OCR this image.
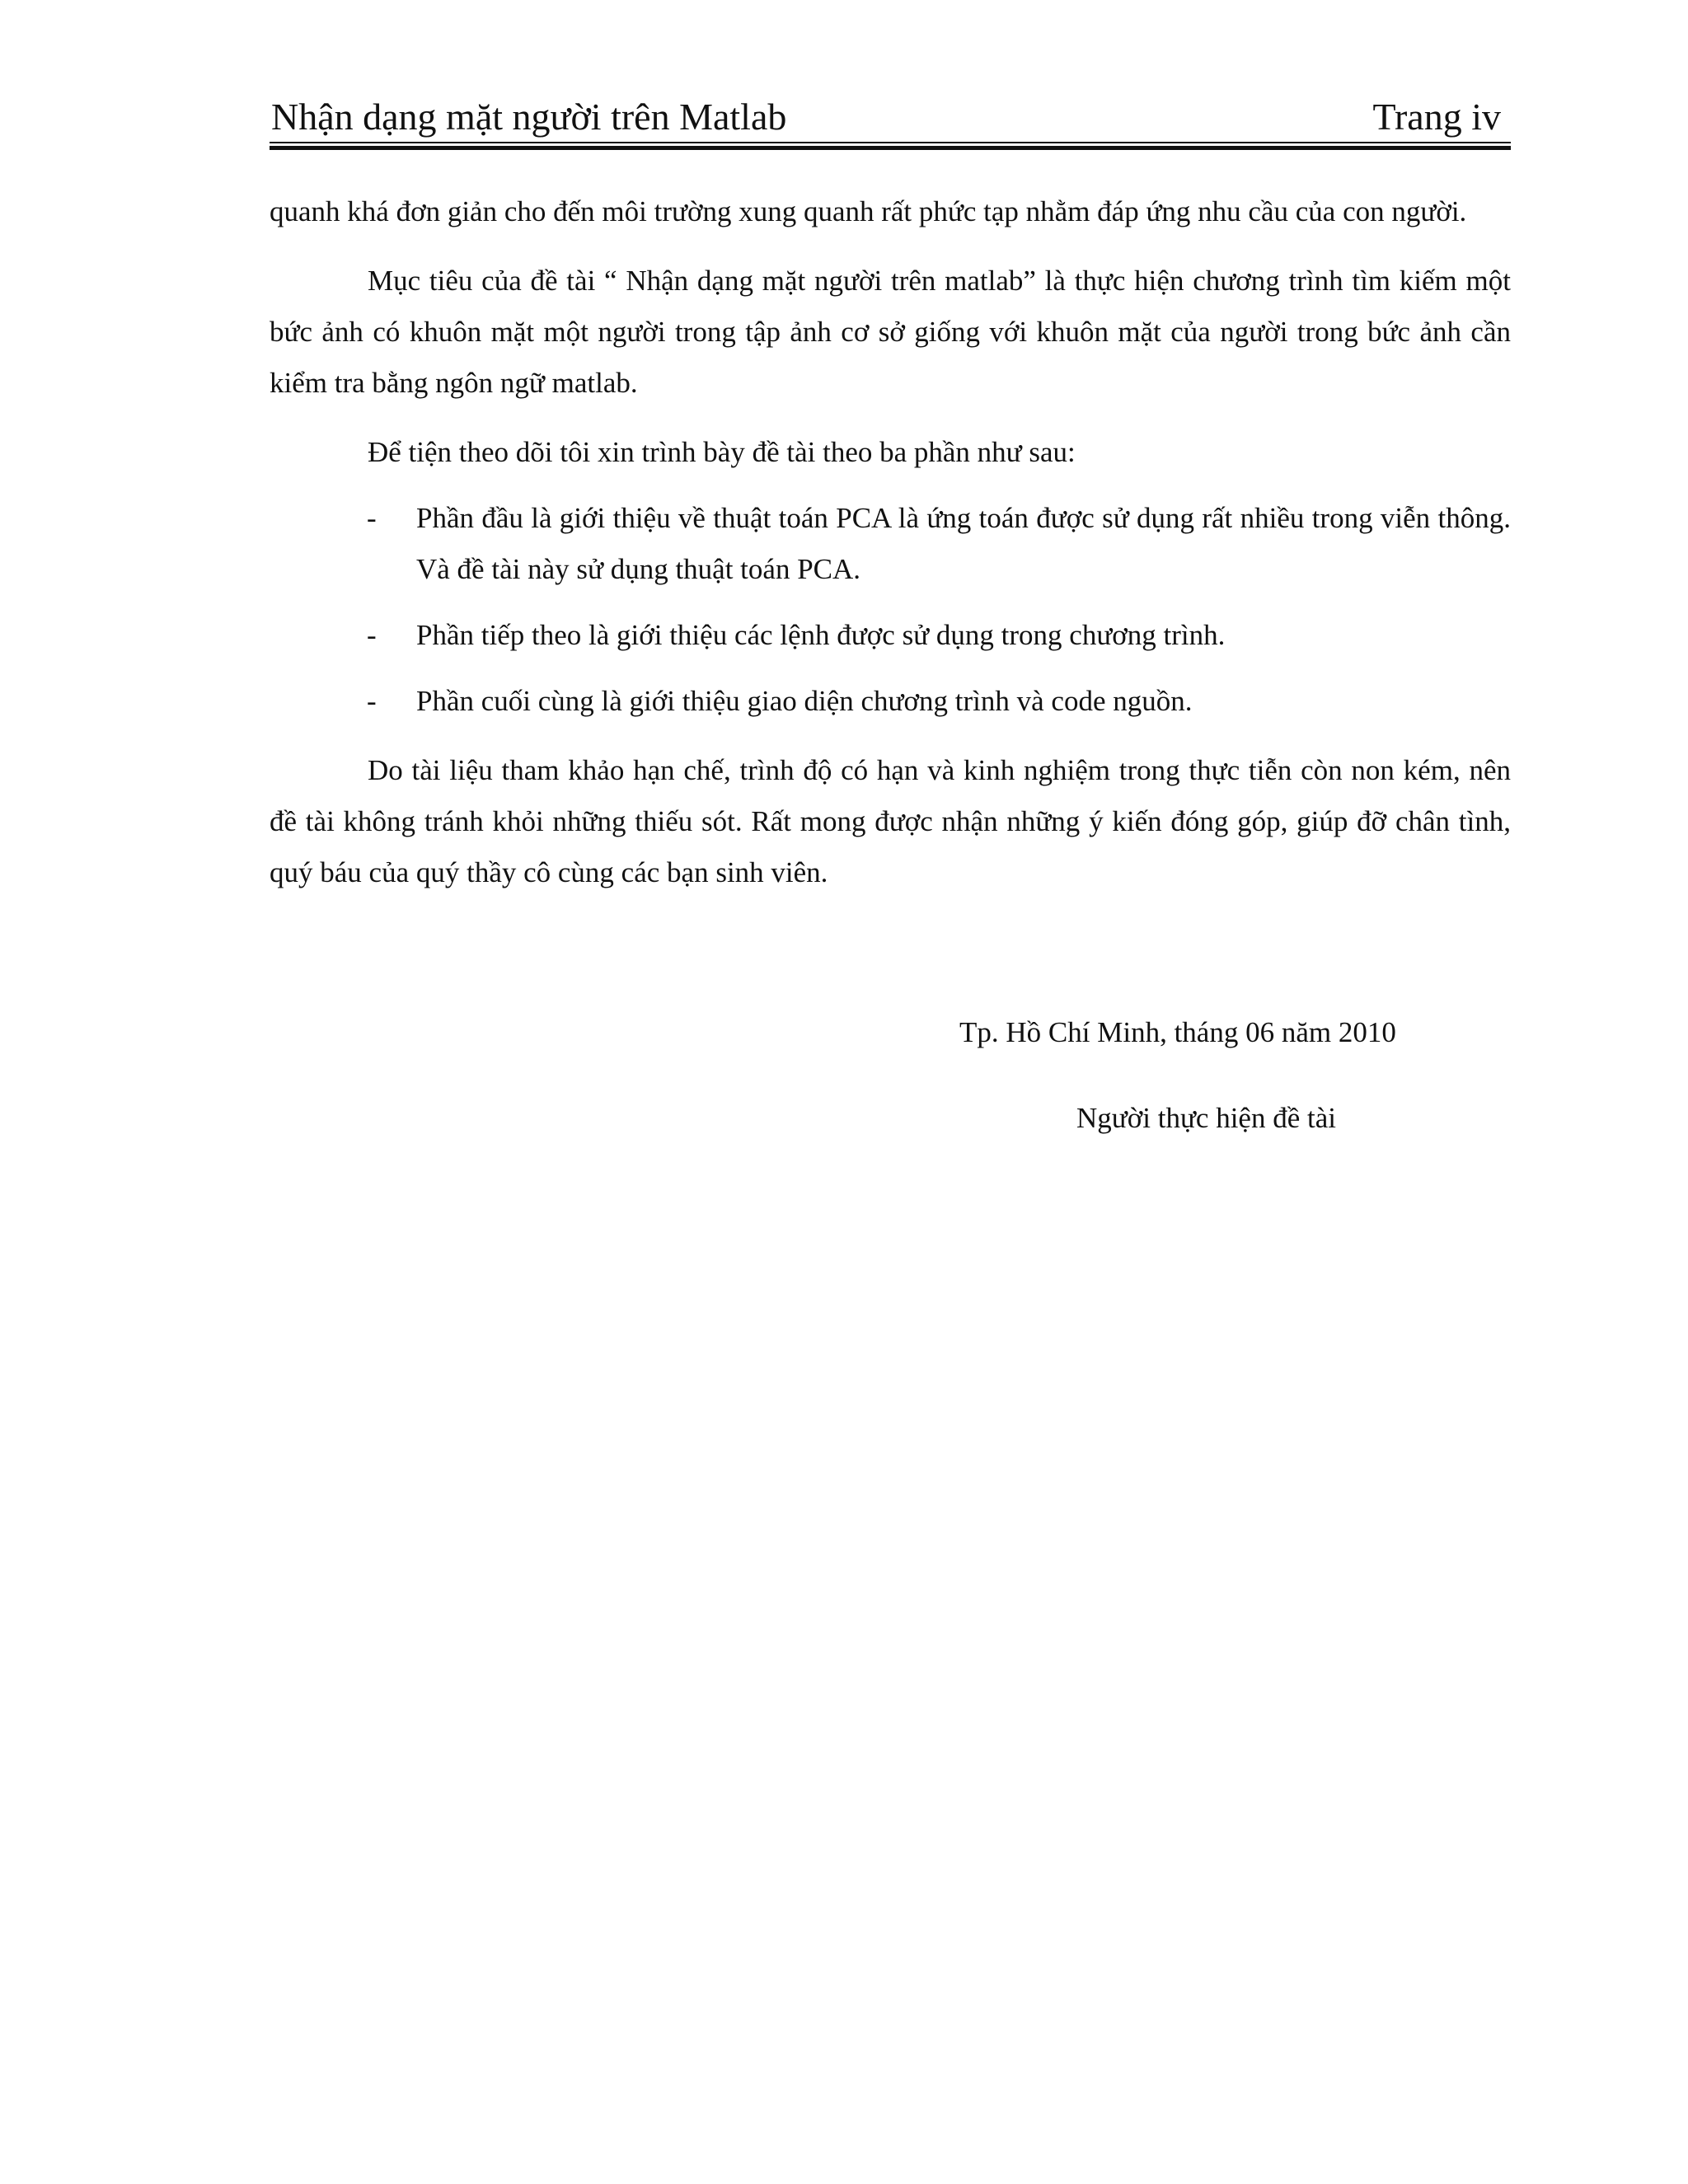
Nhận dạng mặt người trên Matlab	Trang iv

quanh khá đơn giản cho đến môi trường xung quanh rất phức tạp nhằm đáp ứng nhu cầu của con người.

Mục tiêu của đề tài “ Nhận dạng mặt người trên matlab” là thực hiện chương trình tìm kiếm một bức ảnh có khuôn mặt một người trong tập ảnh cơ sở giống với khuôn mặt của người trong bức ảnh cần kiểm tra bằng ngôn ngữ matlab.

Để tiện theo dõi tôi xin trình bày đề tài theo ba phần như sau:

- Phần đầu là giới thiệu về thuật toán PCA là ứng toán được sử dụng rất nhiều trong viễn thông. Và đề tài này sử dụng thuật toán PCA.
- Phần tiếp theo là giới thiệu các lệnh được sử dụng trong chương trình.
- Phần cuối cùng là giới thiệu giao diện chương trình và code nguồn.

Do tài liệu tham khảo hạn chế, trình độ có hạn và kinh nghiệm trong thực tiễn còn non kém, nên đề tài không tránh khỏi những thiếu sót. Rất mong được nhận những ý kiến đóng góp, giúp đỡ chân tình, quý báu của quý thầy cô cùng các bạn sinh viên.

Tp. Hồ Chí Minh, tháng 06 năm 2010
Người thực hiện đề tài
